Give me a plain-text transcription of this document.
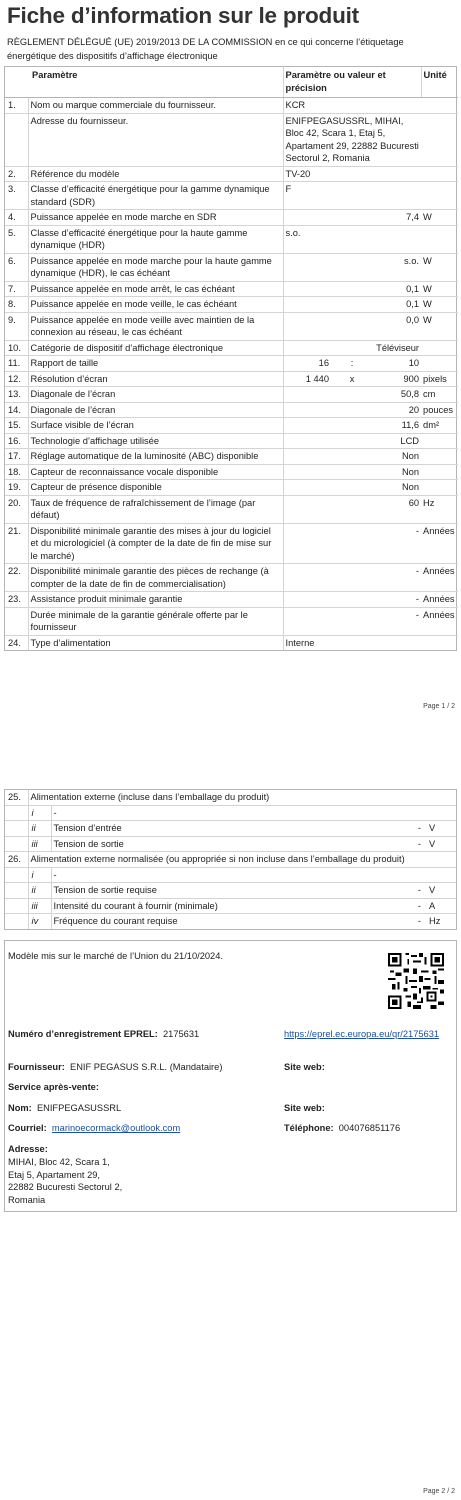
Fiche d’information sur le produit
RÈGLEMENT DÉLÉGUÉ (UE) 2019/2013 DE LA COMMISSION en ce qui concerne l’étiquetage énergétique des dispositifs d’affichage électronique
Paramètre		Paramètre ou valeur et précision			Unité
1.	Nom ou marque commerciale du fournisseur.	KCR			
	Adresse du fournisseur.	ENIFPEGASUSSRL, MIHAI, Bloc 42, Scara 1, Etaj 5, Apartament 29, 22882 Bucuresti Sectorul 2, Romania			
2.	Référence du modèle	TV-20			
3.	Classe d’efficacité énergétique pour la gamme dynamique standard (SDR)	F			
4.	Puissance appelée en mode marche en SDR	7,4			W
5.	Classe d’efficacité énergétique pour la haute gamme dynamique (HDR)	s.o.			
6.	Puissance appelée en mode marche pour la haute gamme dynamique (HDR), le cas échéant	s.o.			W
7.	Puissance appelée en mode arrêt, le cas échéant	0,1			W
8.	Puissance appelée en mode veille, le cas échéant	0,1			W
9.	Puissance appelée en mode veille avec maintien de la connexion au réseau, le cas échéant	0,0			W
10.	Catégorie de dispositif d’affichage électronique	Téléviseur			
11.	Rapport de taille	16	:	10	
12.	Résolution d’écran	1 440	x	900	pixels
13.	Diagonale de l’écran	50,8			cm
14.	Diagonale de l’écran	20			pouces
15.	Surface visible de l’écran	11,6			dm²
16.	Technologie d’affichage utilisée	LCD			
17.	Réglage automatique de la luminosité (ABC) disponible	Non			
18.	Capteur de reconnaissance vocale disponible	Non			
19.	Capteur de présence disponible	Non			
20.	Taux de fréquence de rafraîchissement de l’image (par défaut)	60			Hz
21.	Disponibilité minimale garantie des mises à jour du logiciel et du micrologiciel (à compter de la date de fin de mise sur le marché)	-			Années
22.	Disponibilité minimale garantie des pièces de rechange (à compter de la date de fin de commercialisation)	-			Années
23.	Assistance produit minimale garantie	-			Années
	Durée minimale de la garantie générale offerte par le fournisseur	-			Années
24.	Type d’alimentation	Interne			
Page 1 / 2
25.	Alimentation externe (incluse dans l’emballage du produit)			
	i	-		
	ii	Tension d’entrée	-	V
	iii	Tension de sortie	-	V
26.	Alimentation externe normalisée (ou appropriée si non incluse dans l’emballage du produit)			
	i	-		
	ii	Tension de sortie requise	-	V
	iii	Intensité du courant à fournir (minimale)	-	A
	iv	Fréquence du courant requise	-	Hz
Modèle mis sur le marché de l’Union du 21/10/2024.
Numéro d’enregistrement EPREL: 2175631	https://eprel.ec.europa.eu/qr/2175631
Fournisseur: ENIF PEGASUS S.R.L. (Mandataire)	Site web:
Service après-vente:
Nom: ENIFPEGASUSSRL	Site web:
Courriel: marinoecormack@outlook.com	Téléphone: 004076851176
Adresse:
MIHAI, Bloc 42, Scara 1,
Etaj 5, Apartament 29,
22882 Bucuresti Sectorul 2,
Romania
Page 2 / 2
